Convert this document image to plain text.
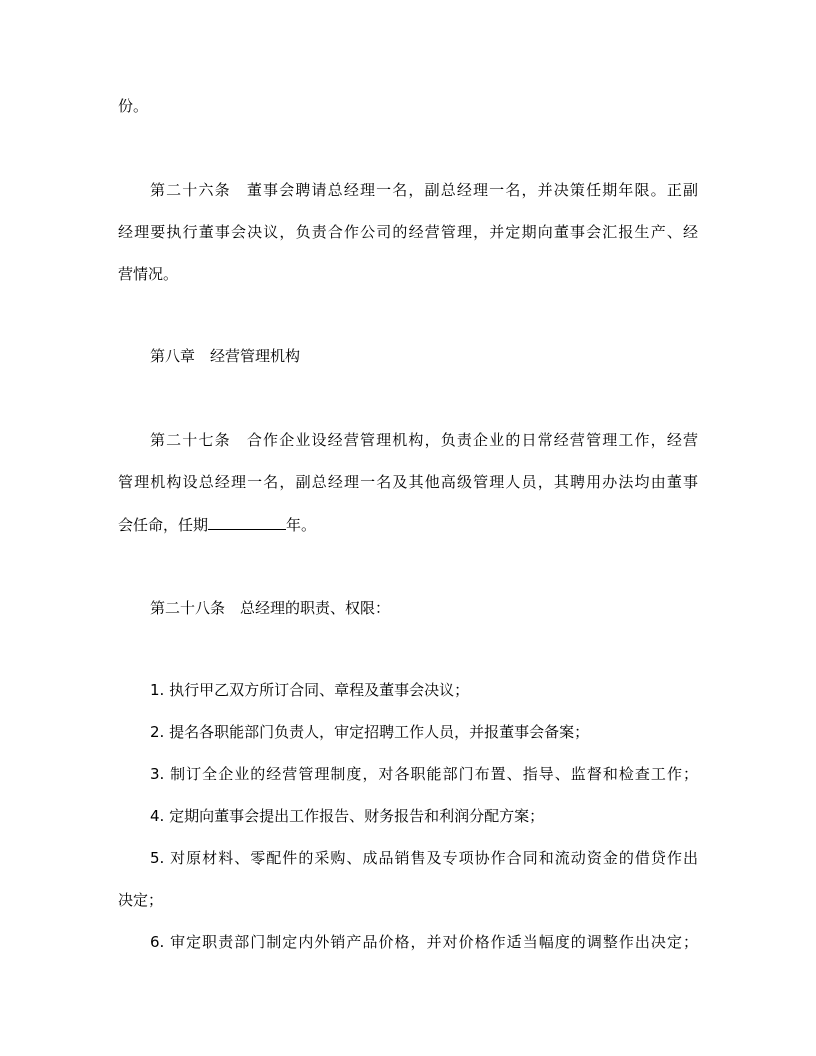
份。
第二十六条　董事会聘请总经理一名，副总经理一名，并决策任期年限。正副
经理要执行董事会决议，负责合作公司的经营管理，并定期向董事会汇报生产、经
营情况。
第八章　经营管理机构
第二十七条　合作企业设经营管理机构，负责企业的日常经营管理工作，经营
管理机构设总经理一名，副总经理一名及其他高级管理人员，其聘用办法均由董事
会任命，任期	年。
第二十八条　总经理的职责、权限：
1. 执行甲乙双方所订合同、章程及董事会决议；
2. 提名各职能部门负责人，审定招聘工作人员，并报董事会备案；
3. 制订全企业的经营管理制度，对各职能部门布置、指导、监督和检查工作；
4. 定期向董事会提出工作报告、财务报告和利润分配方案；
5. 对原材料、零配件的采购、成品销售及专项协作合同和流动资金的借贷作出
决定；
6. 审定职责部门制定内外销产品价格，并对价格作适当幅度的调整作出决定；
